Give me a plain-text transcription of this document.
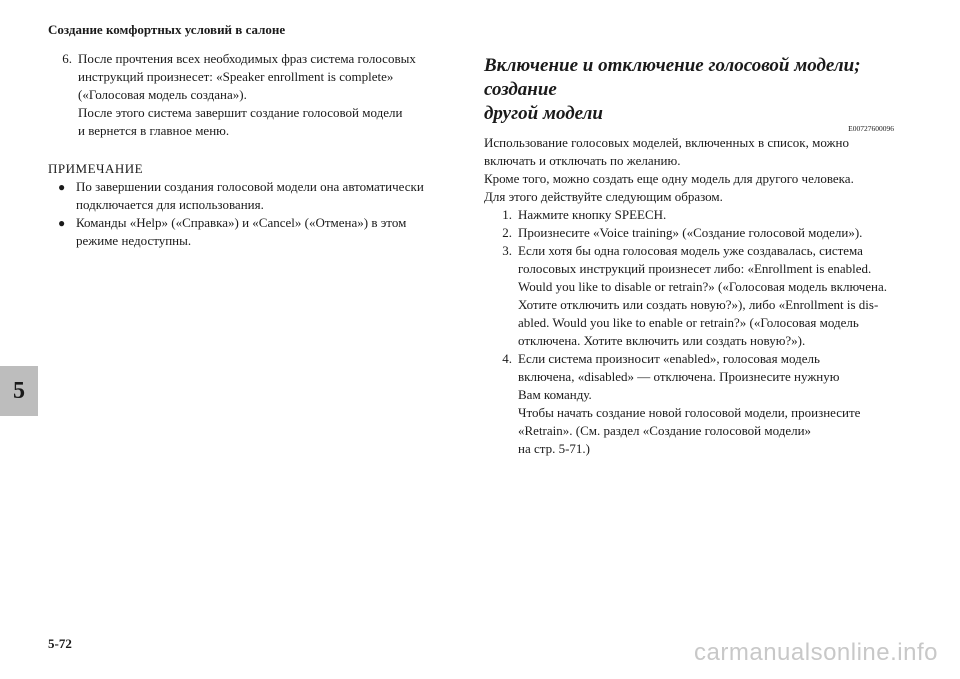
Создание комфортных условий в салоне
5
6. После прочтения всех необходимых фраз система голосовых
инструкций произнесет: «Speaker enrollment is complete»
(«Голосовая модель создана»).
После этого система завершит создание голосовой модели
и вернется в главное меню.
ПРИМЕЧАНИЕ
● По завершении создания голосовой модели она автоматически
подключается для использования.
● Команды «Help» («Справка») и «Cancel» («Отмена») в этом
режиме недоступны.
Включение и отключение голосовой модели; создание
другой модели
E00727600096
Использование голосовых моделей, включенных в список, можно
включать и отключать по желанию.
Кроме того, можно создать еще одну модель для другого человека.
Для этого действуйте следующим образом.
1. Нажмите кнопку SPEECH.
2. Произнесите «Voice training» («Создание голосовой модели»).
3. Если хотя бы одна голосовая модель уже создавалась, система
голосовых инструкций произнесет либо: «Enrollment is enabled.
Would you like to disable or retrain?» («Голосовая модель включена.
Хотите отключить или создать новую?»), либо «Enrollment is dis-
abled. Would you like to enable or retrain?» («Голосовая модель
отключена. Хотите включить или создать новую?»).
4. Если система произносит «enabled», голосовая модель
включена, «disabled» — отключена. Произнесите нужную
Вам команду.
Чтобы начать создание новой голосовой модели, произнесите
«Retrain». (См. раздел «Создание голосовой модели»
на стр. 5-71.)
5-72	carmanualsonline.info
